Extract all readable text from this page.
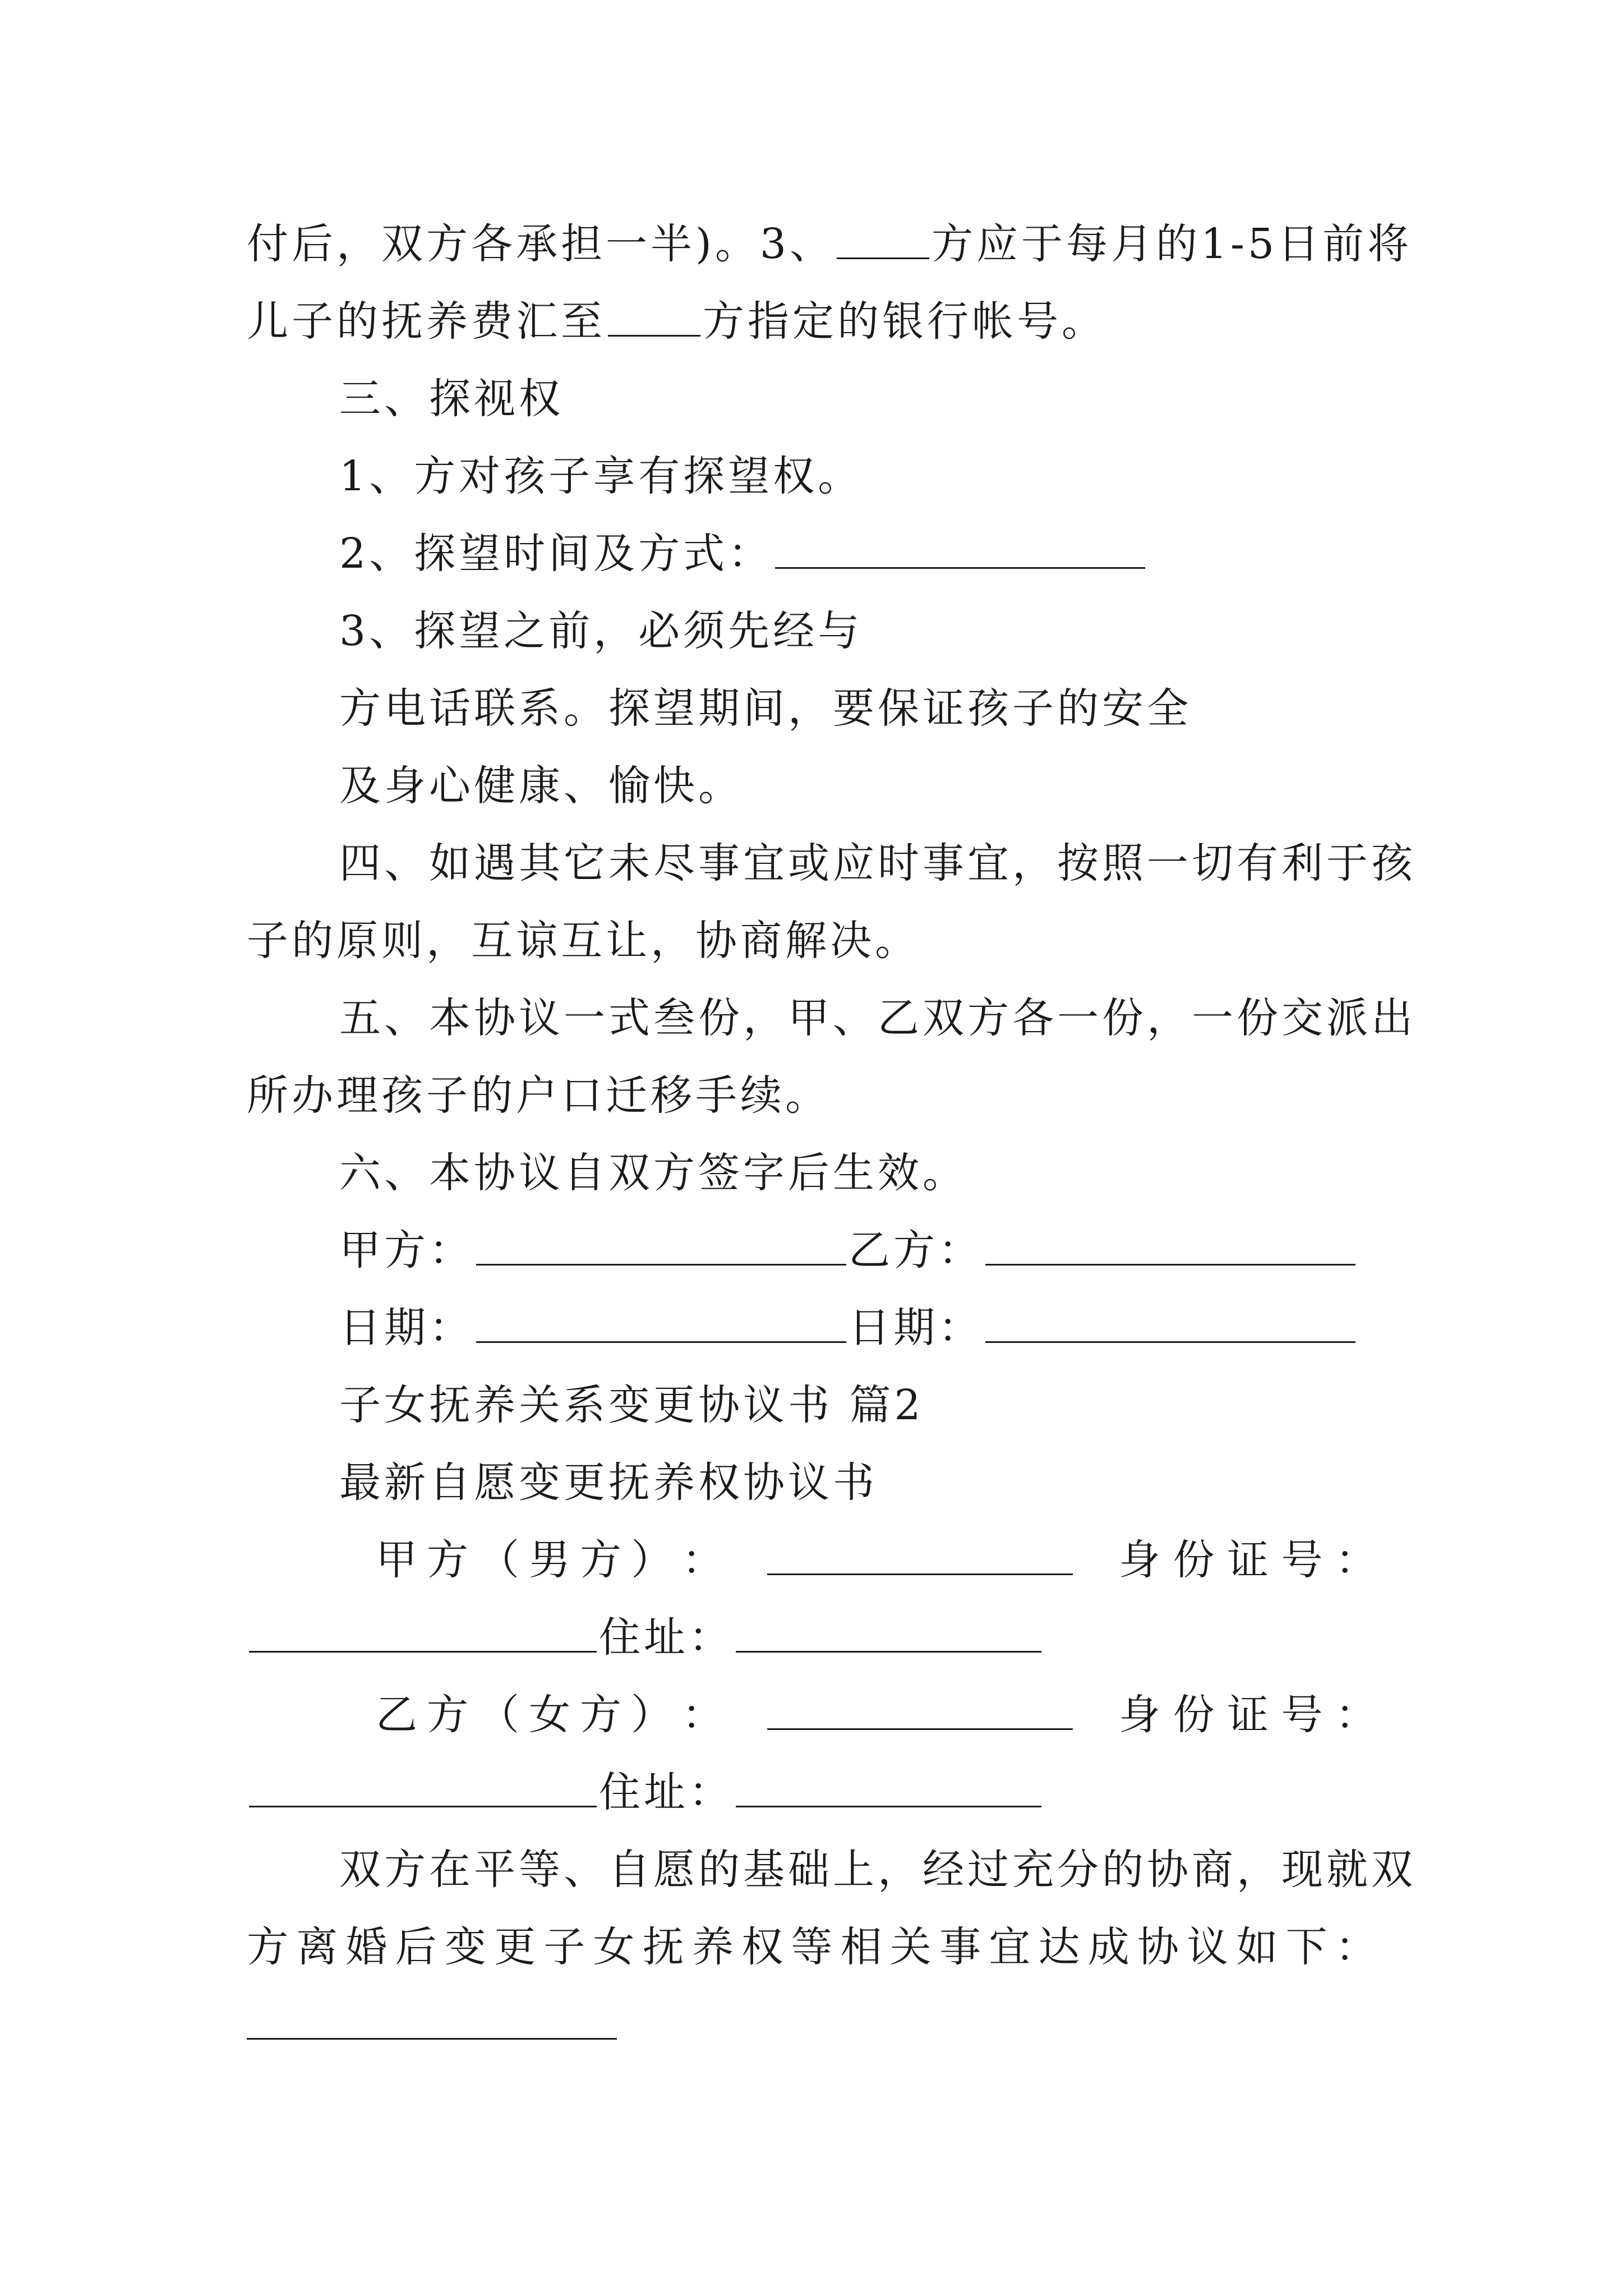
付后，双方各承担一半)。3、 方应于每月的1-5日前将
儿子的抚养费汇至 方指定的银行帐号。
三、探视权
1、方对孩子享有探望权。
2、探望时间及方式：
3、探望之前，必须先经与
方电话联系。探望期间，要保证孩子的安全
及身心健康、愉快。
四、如遇其它未尽事宜或应时事宜，按照一切有利于孩
子的原则，互谅互让，协商解决。
五、本协议一式叁份，甲、乙双方各一份，一份交派出
所办理孩子的户口迁移手续。
六、本协议自双方签字后生效。
甲方：	乙方：
日期：	日期：
子女抚养关系变更协议书 篇2
最新自愿变更抚养权协议书
甲 方 （ 男 方 ） ：	身 份 证 号 ：
住址：
乙 方 （ 女 方 ） ：	身 份 证 号 ：
住址：
双方在平等、自愿的基础上，经过充分的协商，现就双
方 离 婚 后 变 更 子 女 抚 养 权 等 相 关 事 宜 达 成 协 议 如 下 ：
